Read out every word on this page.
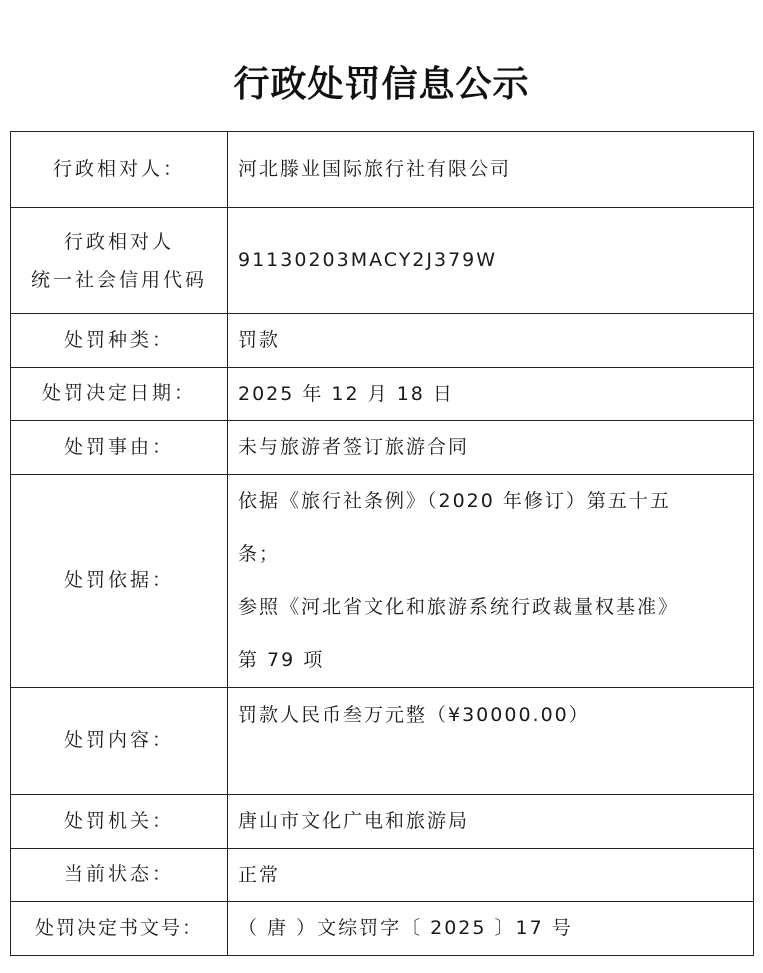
行政处罚信息公示
行政相对人：	河北滕业国际旅行社有限公司

行政相对人
统一社会信用代码	91130203MACY2J379W
处罚种类：	罚款
处罚决定日期：	2025 年 12 月 18 日
处罚事由：	未与旅游者签订旅游合同
处罚依据：	依据《旅行社条例》（2020 年修订）第五十五
条；
参照《河北省文化和旅游系统行政裁量权基准》
第 79 项

处罚内容：	罚款人民币叁万元整（¥30000.00）
处罚机关：	唐山市文化广电和旅游局
当前状态：	正常
处罚决定书文号：	（ 唐 ）文综罚字〔 2025 〕17 号
